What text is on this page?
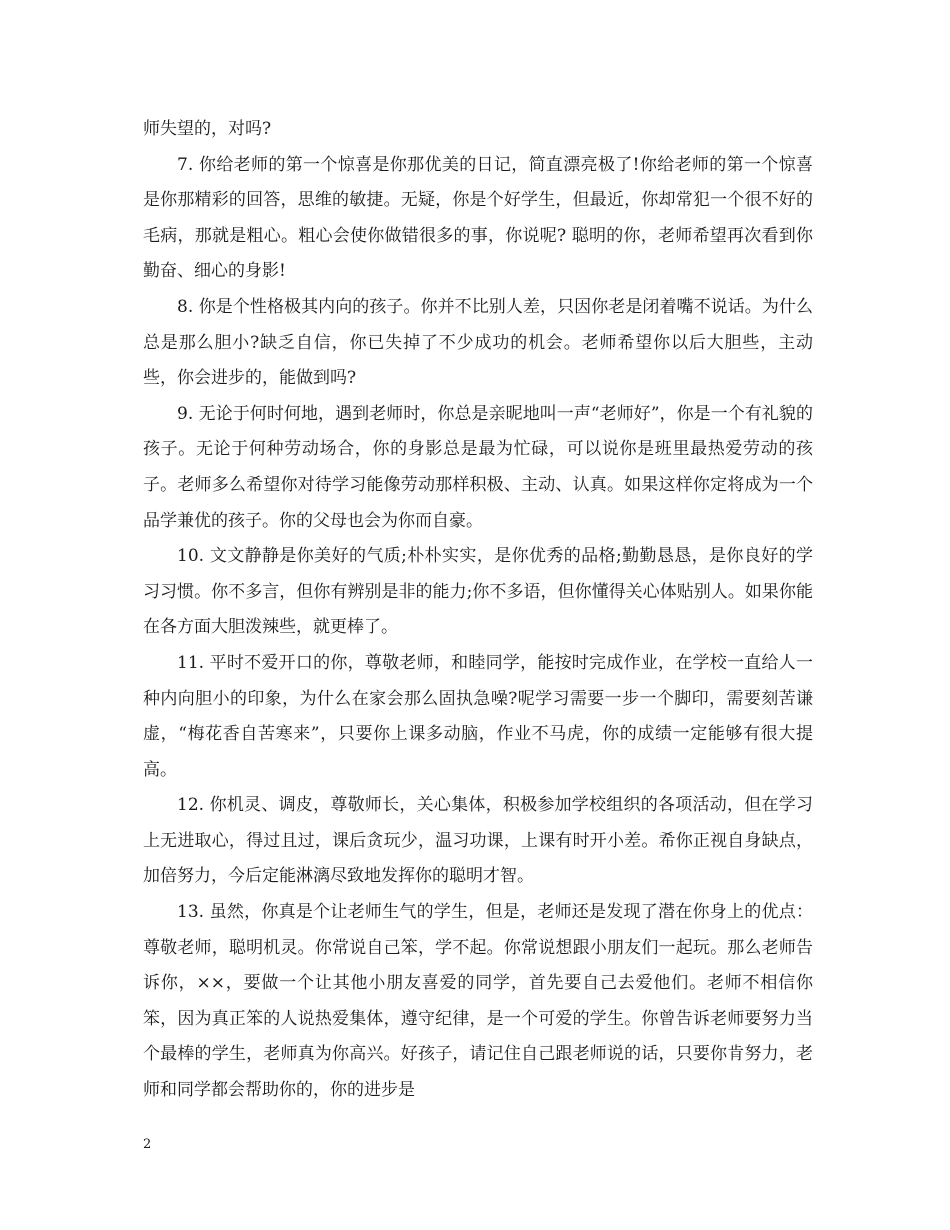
师失望的，对吗?

7. 你给老师的第一个惊喜是你那优美的日记，简直漂亮极了!你给老师的第一个惊喜是你那精彩的回答，思维的敏捷。无疑，你是个好学生，但最近，你却常犯一个很不好的毛病，那就是粗心。粗心会使你做错很多的事，你说呢? 聪明的你，老师希望再次看到你勤奋、细心的身影!

8. 你是个性格极其内向的孩子。你并不比别人差，只因你老是闭着嘴不说话。为什么总是那么胆小?缺乏自信，你已失掉了不少成功的机会。老师希望你以后大胆些，主动些，你会进步的，能做到吗?

9. 无论于何时何地，遇到老师时，你总是亲昵地叫一声“老师好”，你是一个有礼貌的孩子。无论于何种劳动场合，你的身影总是最为忙碌，可以说你是班里最热爱劳动的孩子。老师多么希望你对待学习能像劳动那样积极、主动、认真。如果这样你定将成为一个品学兼优的孩子。你的父母也会为你而自豪。

10. 文文静静是你美好的气质;朴朴实实，是你优秀的品格;勤勤恳恳，是你良好的学习习惯。你不多言，但你有辨别是非的能力;你不多语，但你懂得关心体贴别人。如果你能在各方面大胆泼辣些，就更棒了。

11. 平时不爱开口的你，尊敬老师，和睦同学，能按时完成作业，在学校一直给人一种内向胆小的印象，为什么在家会那么固执急噪?呢学习需要一步一个脚印，需要刻苦谦虚，“梅花香自苦寒来”，只要你上课多动脑，作业不马虎，你的成绩一定能够有很大提高。

12. 你机灵、调皮，尊敬师长，关心集体，积极参加学校组织的各项活动，但在学习上无进取心，得过且过，课后贪玩少，温习功课，上课有时开小差。希你正视自身缺点，加倍努力，今后定能淋漓尽致地发挥你的聪明才智。

13. 虽然，你真是个让老师生气的学生，但是，老师还是发现了潜在你身上的优点：尊敬老师，聪明机灵。你常说自己笨，学不起。你常说想跟小朋友们一起玩。那么老师告诉你，××，要做一个让其他小朋友喜爱的同学，首先要自己去爱他们。老师不相信你笨，因为真正笨的人说热爱集体，遵守纪律，是一个可爱的学生。你曾告诉老师要努力当个最棒的学生，老师真为你高兴。好孩子，请记住自己跟老师说的话，只要你肯努力，老师和同学都会帮助你的，你的进步是

2
